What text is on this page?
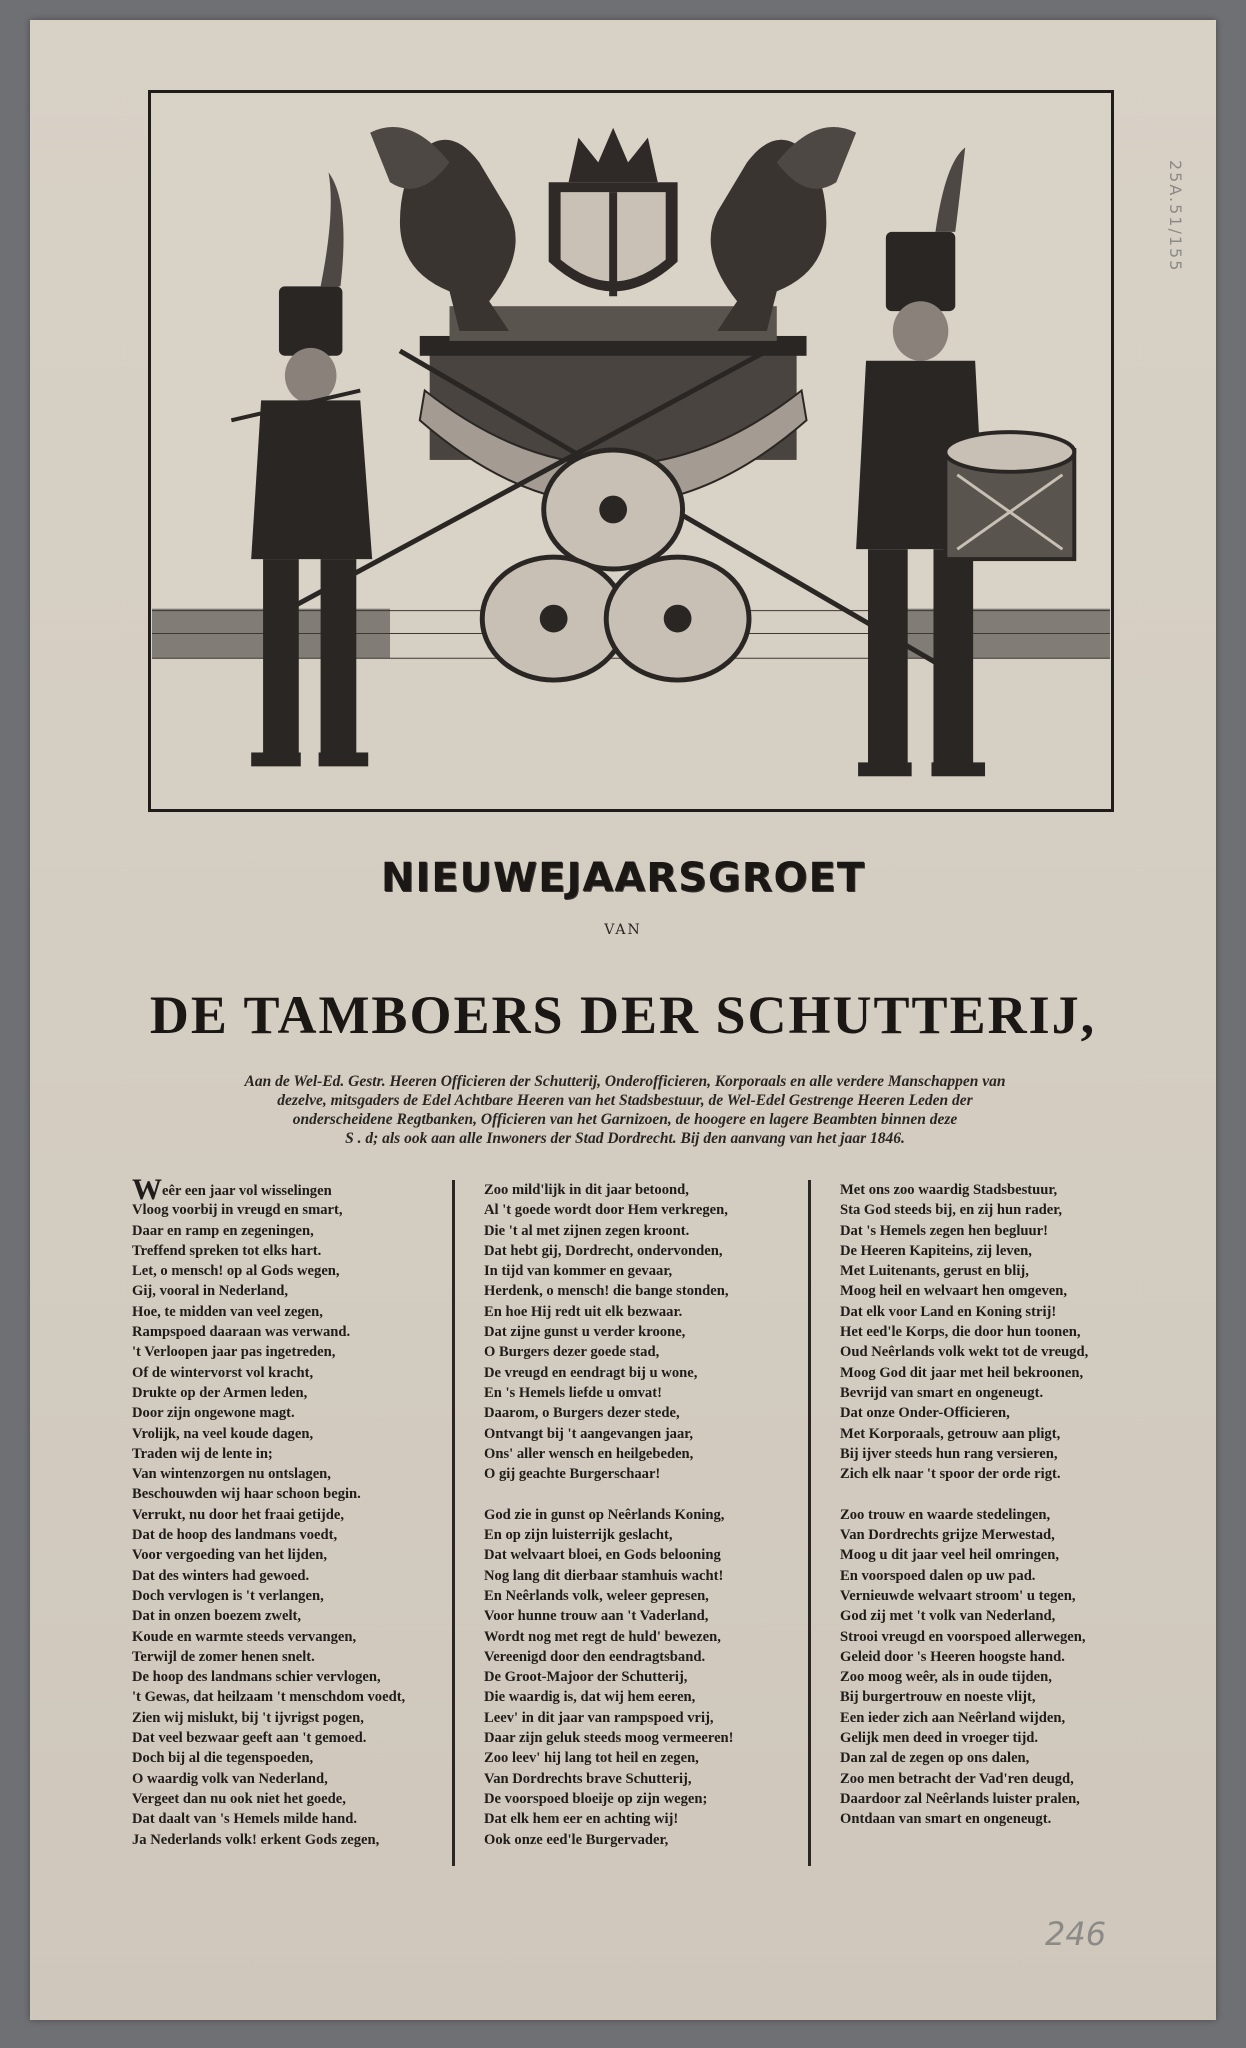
25A.51/155
NIEUWEJAARSGROET
VAN
DE TAMBOERS DER SCHUTTERIJ,
Aan de Wel-Ed. Gestr. Heeren Officieren der Schutterij, Onderofficieren, Korporaals en alle verdere Manschappen van
dezelve, mitsgaders de Edel Achtbare Heeren van het Stadsbestuur, de Wel-Edel Gestrenge Heeren Leden der
onderscheidene Regtbanken, Officieren van het Garnizoen, de hoogere en lagere Beambten binnen deze
S . d; als ook aan alle Inwoners der Stad Dordrecht. Bij den aanvang van het jaar 1846.
Weêr een jaar vol wisselingen
Vloog voorbij in vreugd en smart,
Daar en ramp en zegeningen,
Treffend spreken tot elks hart.
Let, o mensch! op al Gods wegen,
Gij, vooral in Nederland,
Hoe, te midden van veel zegen,
Rampspoed daaraan was verwand.
't Verloopen jaar pas ingetreden,
Of de wintervorst vol kracht,
Drukte op der Armen leden,
Door zijn ongewone magt.
Vrolijk, na veel koude dagen,
Traden wij de lente in;
Van wintenzorgen nu ontslagen,
Beschouwden wij haar schoon begin.
Verrukt, nu door het fraai getijde,
Dat de hoop des landmans voedt,
Voor vergoeding van het lijden,
Dat des winters had gewoed.
Doch vervlogen is 't verlangen,
Dat in onzen boezem zwelt,
Koude en warmte steeds vervangen,
Terwijl de zomer henen snelt.
De hoop des landmans schier vervlogen,
't Gewas, dat heilzaam 't menschdom voedt,
Zien wij mislukt, bij 't ijvrigst pogen,
Dat veel bezwaar geeft aan 't gemoed.
Doch bij al die tegenspoeden,
O waardig volk van Nederland,
Vergeet dan nu ook niet het goede,
Dat daalt van 's Hemels milde hand.
Ja Nederlands volk! erkent Gods zegen,
Zoo mild'lijk in dit jaar betoond,
Al 't goede wordt door Hem verkregen,
Die 't al met zijnen zegen kroont.
Dat hebt gij, Dordrecht, ondervonden,
In tijd van kommer en gevaar,
Herdenk, o mensch! die bange stonden,
En hoe Hij redt uit elk bezwaar.
Dat zijne gunst u verder kroone,
O Burgers dezer goede stad,
De vreugd en eendragt bij u wone,
En 's Hemels liefde u omvat!
Daarom, o Burgers dezer stede,
Ontvangt bij 't aangevangen jaar,
Ons' aller wensch en heilgebeden,
O gij geachte Burgerschaar!
God zie in gunst op Neêrlands Koning,
En op zijn luisterrijk geslacht,
Dat welvaart bloei, en Gods belooning
Nog lang dit dierbaar stamhuis wacht!
En Neêrlands volk, weleer gepresen,
Voor hunne trouw aan 't Vaderland,
Wordt nog met regt de huld' bewezen,
Vereenigd door den eendragtsband.
De Groot-Majoor der Schutterij,
Die waardig is, dat wij hem eeren,
Leev' in dit jaar van rampspoed vrij,
Daar zijn geluk steeds moog vermeeren!
Zoo leev' hij lang tot heil en zegen,
Van Dordrechts brave Schutterij,
De voorspoed bloeije op zijn wegen;
Dat elk hem eer en achting wij!
Ook onze eed'le Burgervader,
Met ons zoo waardig Stadsbestuur,
Sta God steeds bij, en zij hun rader,
Dat 's Hemels zegen hen begluur!
De Heeren Kapiteins, zij leven,
Met Luitenants, gerust en blij,
Moog heil en welvaart hen omgeven,
Dat elk voor Land en Koning strij!
Het eed'le Korps, die door hun toonen,
Oud Neêrlands volk wekt tot de vreugd,
Moog God dit jaar met heil bekroonen,
Bevrijd van smart en ongeneugt.
Dat onze Onder-Officieren,
Met Korporaals, getrouw aan pligt,
Bij ijver steeds hun rang versieren,
Zich elk naar 't spoor der orde rigt.
Zoo trouw en waarde stedelingen,
Van Dordrechts grijze Merwestad,
Moog u dit jaar veel heil omringen,
En voorspoed dalen op uw pad.
Vernieuwde welvaart stroom' u tegen,
God zij met 't volk van Nederland,
Strooi vreugd en voorspoed allerwegen,
Geleid door 's Heeren hoogste hand.
Zoo moog weêr, als in oude tijden,
Bij burgertrouw en noeste vlijt,
Een ieder zich aan Neêrland wijden,
Gelijk men deed in vroeger tijd.
Dan zal de zegen op ons dalen,
Zoo men betracht der Vad'ren deugd,
Daardoor zal Neêrlands luister pralen,
Ontdaan van smart en ongeneugt.
246
